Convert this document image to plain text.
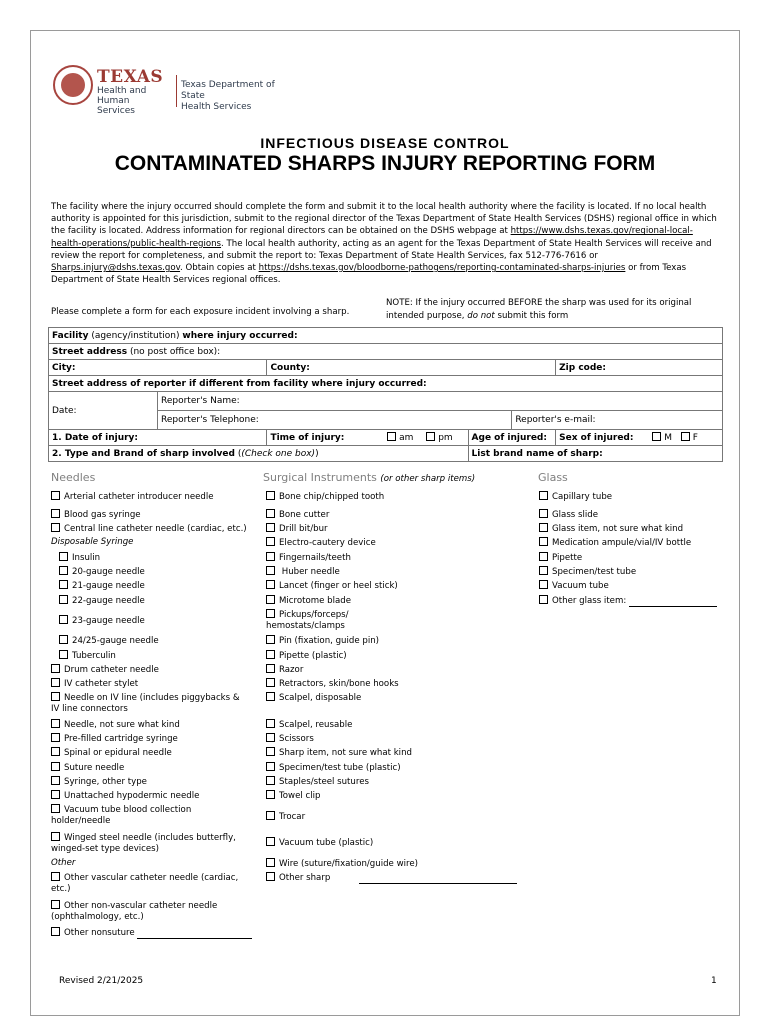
TEXAS
Health and Human
Services
Texas Department of State
Health Services
INFECTIOUS DISEASE CONTROL
CONTAMINATED SHARPS INJURY REPORTING FORM
The facility where the injury occurred should complete the form and submit it to the local health authority where the facility is located. If no local health authority is appointed for this jurisdiction, submit to the regional director of the Texas Department of State Health Services (DSHS) regional office in which the facility is located. Address information for regional directors can be obtained on the DSHS webpage at https://www.dshs.texas.gov/regional-local-health-operations/public-health-regions. The local health authority, acting as an agent for the Texas Department of State Health Services will receive and review the report for completeness, and submit the report to: Texas Department of State Health Services, fax 512-776-7616 or Sharps.injury@dshs.texas.gov. Obtain copies at https://dshs.texas.gov/bloodborne-pathogens/reporting-contaminated-sharps-injuries or from Texas Department of State Health Services regional offices.
Please complete a form for each exposure incident involving a sharp.
NOTE: If the injury occurred BEFORE the sharp was used for its original intended purpose, do not submit this form
Facility (agency/institution) where injury occurred:					
Street address (no post office box):					
City:		County:			Zip code:
Street address of reporter if different from facility where injury occurred:					
Date:	Reporter's Name:				
	Reporter's Telephone:			Reporter's e-mail:	
1. Date of injury:		Time of injury: am pm	Age of injured:		Sex of injured: M F
2. Type and Brand of sharp involved ((Check one box))			List brand name of sharp:		
Needles	Surgical Instruments (or other sharp items)	Glass
Arterial catheter introducer needle
Blood gas syringe
Central line catheter needle (cardiac, etc.)
Disposable Syringe
Insulin
20-gauge needle
21-gauge needle
22-gauge needle
23-gauge needle
24/25-gauge needle
Tuberculin
Drum catheter needle
IV catheter stylet
Needle on IV line (includes piggybacks &
IV line connectors
Needle, not sure what kind
Pre-filled cartridge syringe
Spinal or epidural needle
Suture needle
Syringe, other type
Unattached hypodermic needle
Vacuum tube blood collection
holder/needle
Winged steel needle (includes butterfly,
winged-set type devices)
Other
Other vascular catheter needle (cardiac,
etc.)
Other non-vascular catheter needle
(ophthalmology, etc.)
Other nonsuture
Bone chip/chipped tooth
Bone cutter
Drill bit/bur
Electro-cautery device
Fingernails/teeth
Huber needle
Lancet (finger or heel stick)
Microtome blade
Pickups/forceps/
hemostats/clamps
Pin (fixation, guide pin)
Pipette (plastic)
Razor
Retractors, skin/bone hooks
Scalpel, disposable
Scalpel, reusable
Scissors
Sharp item, not sure what kind
Specimen/test tube (plastic)
Staples/steel sutures
Towel clip
Trocar
Vacuum tube (plastic)
Wire (suture/fixation/guide wire)
Other sharp
Capillary tube
Glass slide
Glass item, not sure what kind
Medication ampule/vial/IV bottle
Pipette
Specimen/test tube
Vacuum tube
Other glass item:
Revised 2/21/2025	1
